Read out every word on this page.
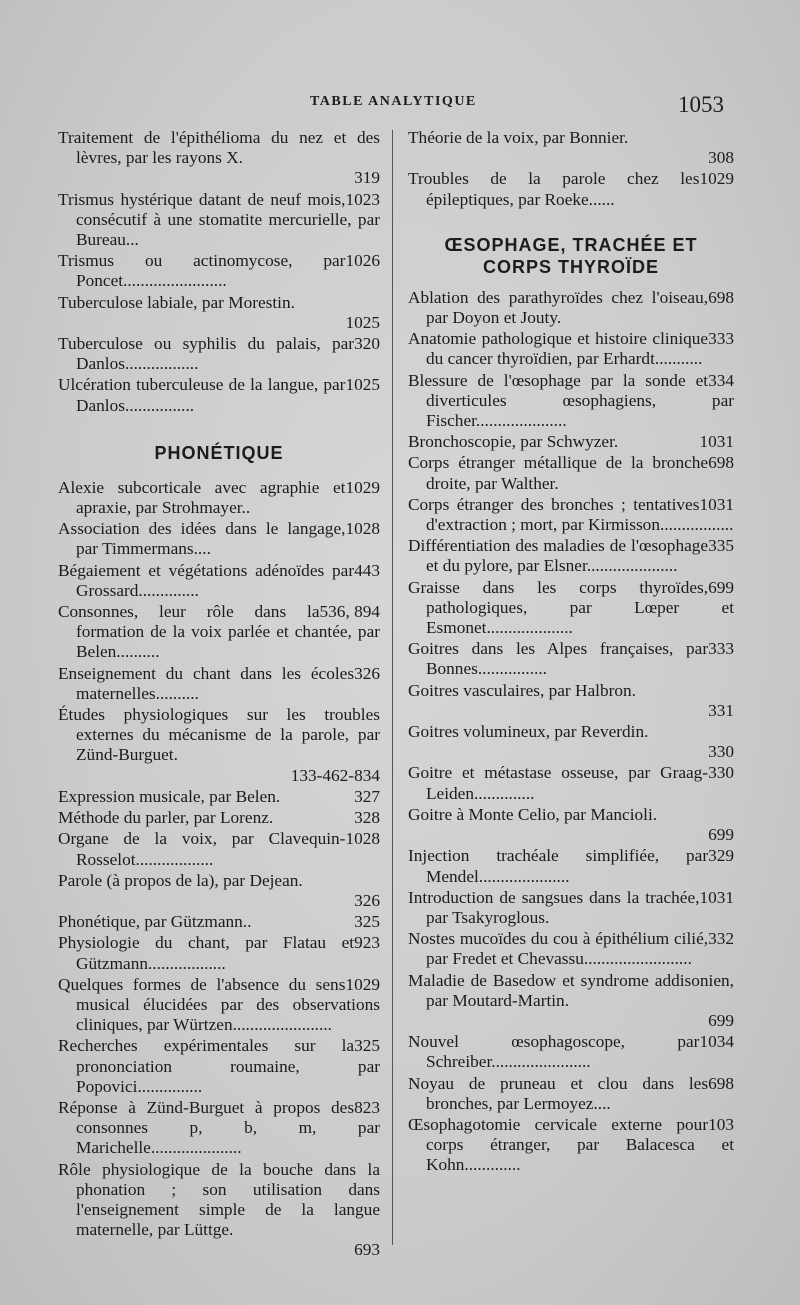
TABLE ANALYTIQUE	1053
Traitement de l'épithélioma du nez et des lèvres, par les rayons X.
319
1023
Trismus hystérique datant de neuf mois, consécutif à une stomatite mercurielle, par Bureau...
1026
Trismus ou actinomycose, par Poncet........................
Tuberculose labiale, par Morestin.
1025
320
Tuberculose ou syphilis du palais, par Danlos.................
1025
Ulcération tuberculeuse de la langue, par Danlos................
PHONÉTIQUE
1029
Alexie subcorticale avec agraphie et apraxie, par Strohmayer..
1028
Association des idées dans le langage, par Timmermans....
443
Bégaiement et végétations adénoïdes par Grossard..............
536, 894
Consonnes, leur rôle dans la formation de la voix parlée et chantée, par Belen..........
326
Enseignement du chant dans les écoles maternelles..........
Études physiologiques sur les troubles externes du mécanisme de la parole, par Zünd-Burguet.
133-462-834
327
Expression musicale, par Belen.
328
Méthode du parler, par Lorenz.
1028
Organe de la voix, par Clavequin-Rosselot..................
Parole (à propos de la), par Dejean.
326
325
Phonétique, par Gützmann..
923
Physiologie du chant, par Flatau et Gützmann..................
1029
Quelques formes de l'absence du sens musical élucidées par des observations cliniques, par Würtzen.......................
325
Recherches expérimentales sur la prononciation roumaine, par Popovici...............
823
Réponse à Zünd-Burguet à propos des consonnes p, b, m, par Marichelle.....................
Rôle physiologique de la bouche dans la phonation ; son utilisation dans l'enseignement simple de la langue maternelle, par Lüttge.
693
Théorie de la voix, par Bonnier.
308
1029
Troubles de la parole chez les épileptiques, par Roeke......
ŒSOPHAGE, TRACHÉE ET CORPS THYROÏDE
698
Ablation des parathyroïdes chez l'oiseau, par Doyon et Jouty.
333
Anatomie pathologique et histoire clinique du cancer thyroïdien, par Erhardt...........
334
Blessure de l'œsophage par la sonde et diverticules œsophagiens, par Fischer.....................
1031
Bronchoscopie, par Schwyzer.
698
Corps étranger métallique de la bronche droite, par Walther.
1031
Corps étranger des bronches ; tentatives d'extraction ; mort, par Kirmisson.................
335
Différentiation des maladies de l'œsophage et du pylore, par Elsner.....................
699
Graisse dans les corps thyroïdes, pathologiques, par Lœper et Esmonet....................
333
Goitres dans les Alpes françaises, par Bonnes................
Goitres vasculaires, par Halbron.
331
Goitres volumineux, par Reverdin.
330
330
Goitre et métastase osseuse, par Graag-Leiden..............
Goitre à Monte Celio, par Mancioli.
699
329
Injection trachéale simplifiée, par Mendel.....................
1031
Introduction de sangsues dans la trachée, par Tsakyroglous.
332
Nostes mucoïdes du cou à épithélium cilié, par Fredet et Chevassu.........................
Maladie de Basedow et syndrome addisonien, par Moutard-Martin.
699
1034
Nouvel œsophagoscope, par Schreiber.......................
698
Noyau de pruneau et clou dans les bronches, par Lermoyez....
103
Œsophagotomie cervicale externe pour corps étranger, par Balacesca et Kohn.............
